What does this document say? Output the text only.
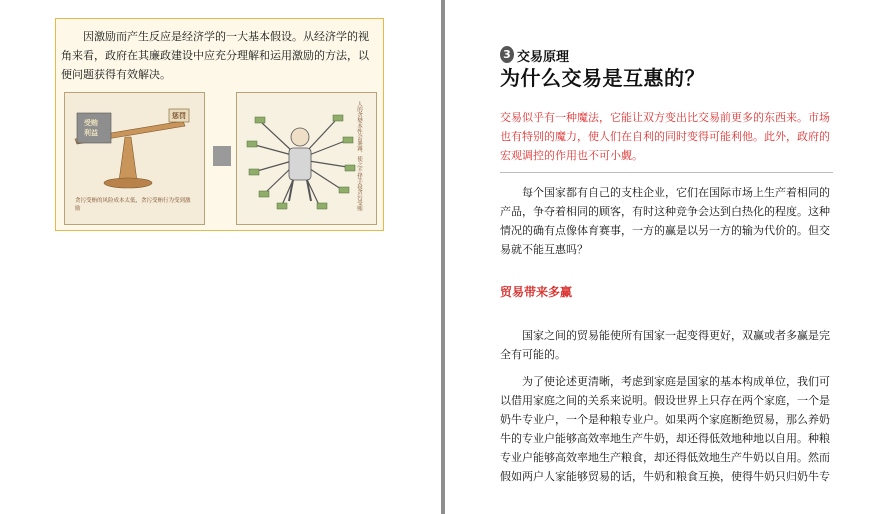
因激励而产生反应是经济学的一大基本假设。从经济学的视角来看，政府在其廉政建设中应充分理解和运用激励的方法，以便问题获得有效解决。
受贿
利益
惩罚
贪污受贿的风险成本太低，贪污受贿行为受到激励	人的贪婪本性会暴露，使之不择手段贪污受贿
3 交易原理
为什么交易是互惠的？
交易似乎有一种魔法，它能让双方变出比交易前更多的东西来。市场也有特别的魔力，使人们在自利的同时变得可能利他。此外，政府的宏观调控的作用也不可小觑。
每个国家都有自己的支柱企业，它们在国际市场上生产着相同的产品，争夺着相同的顾客，有时这种竞争会达到白热化的程度。这种情况的确有点像体育赛事，一方的赢是以另一方的输为代价的。但交易就不能互惠吗？
贸易带来多赢
国家之间的贸易能使所有国家一起变得更好，双赢或者多赢是完全有可能的。
为了使论述更清晰，考虑到家庭是国家的基本构成单位，我们可以借用家庭之间的关系来说明。假设世界上只存在两个家庭，一个是奶牛专业户，一个是种粮专业户。如果两个家庭断绝贸易，那么养奶牛的专业户能够高效率地生产牛奶，却还得低效地种地以自用。种粮专业户能够高效率地生产粮食，却还得低效地生产牛奶以自用。然而假如两户人家能够贸易的话，牛奶和粮食互换，使得牛奶只归奶牛专
